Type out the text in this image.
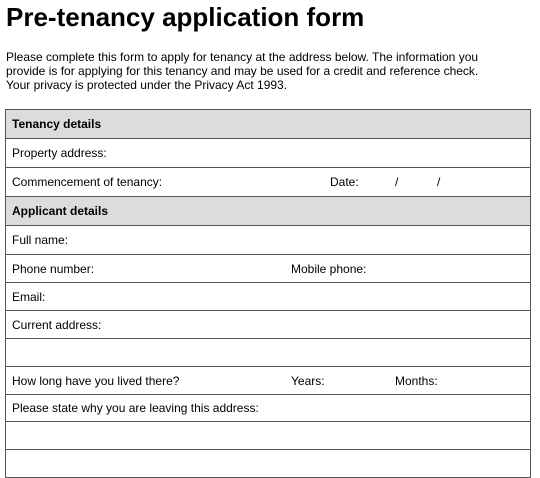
Pre-tenancy application form
Please complete this form to apply for tenancy at the address below. The information you
provide is for applying for this tenancy and may be used for a credit and reference check.
Your privacy is protected under the Privacy Act 1993.
Tenancy details
Property address:
Commencement of tenancy:	Date:	/	/

Applicant details
Full name:
Phone number:	Mobile phone:

Email:
Current address:

How long have you lived there?	Years:	Months:

Please state why you are leaving this address:
